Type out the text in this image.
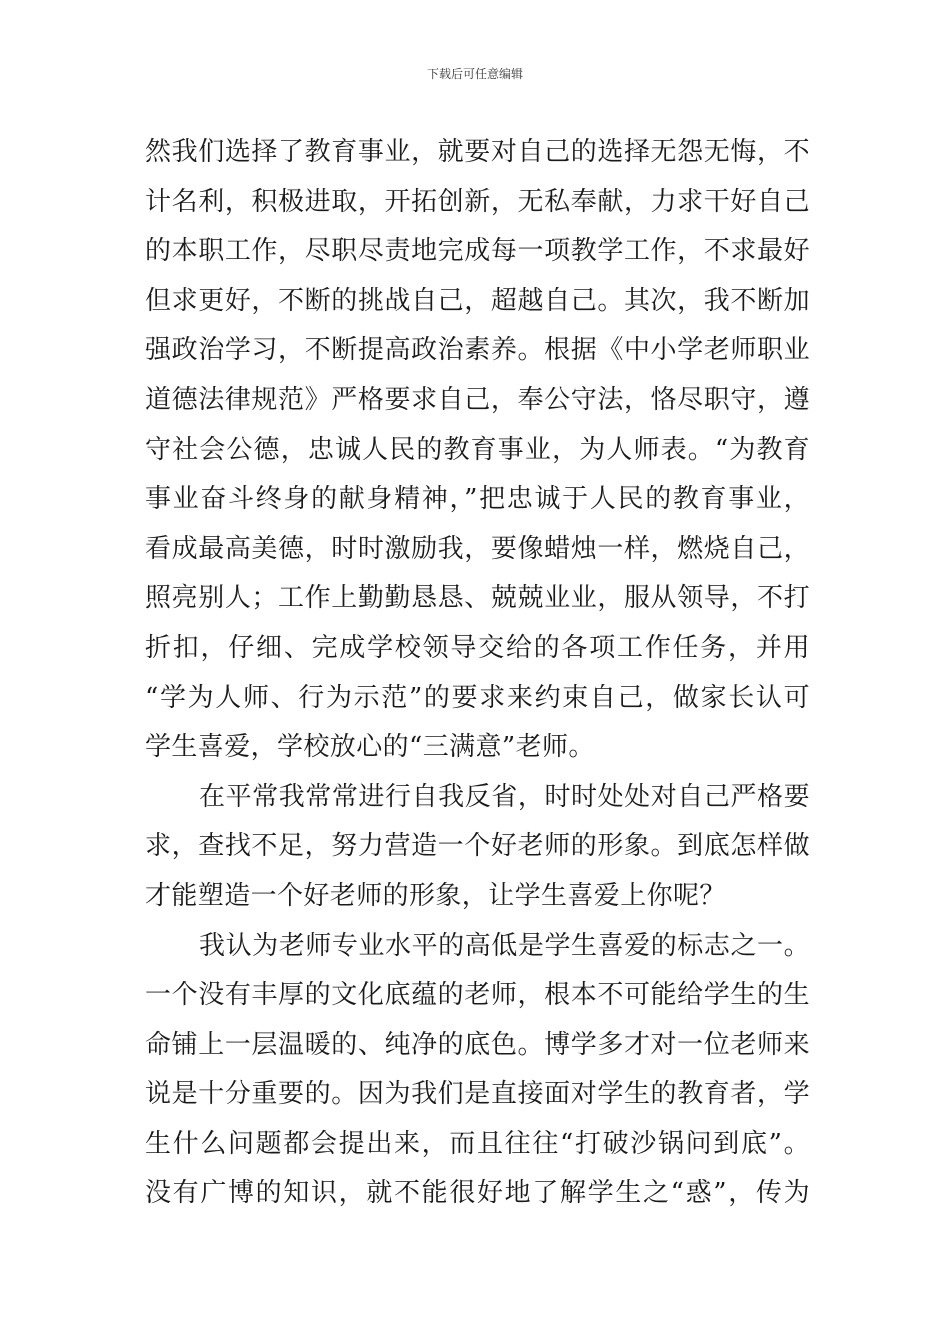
下载后可任意编辑
然我们选择了教育事业，就要对自己的选择无怨无悔，不
计名利，积极进取，开拓创新，无私奉献，力求干好自己
的本职工作，尽职尽责地完成每一项教学工作，不求最好
但求更好，不断的挑战自己，超越自己。其次，我不断加
强政治学习，不断提高政治素养。根据《中小学老师职业
道德法律规范》严格要求自己，奉公守法，恪尽职守，遵
守社会公德，忠诚人民的教育事业，为人师表。“为教育
事业奋斗终身的献身精神，”把忠诚于人民的教育事业，
看成最高美德，时时激励我，要像蜡烛一样，燃烧自己，
照亮别人；工作上勤勤恳恳、兢兢业业，服从领导，不打
折扣，仔细、完成学校领导交给的各项工作任务，并用
“学为人师、行为示范”的要求来约束自己，做家长认可
学生喜爱，学校放心的“三满意”老师。
在平常我常常进行自我反省，时时处处对自己严格要
求，查找不足，努力营造一个好老师的形象。到底怎样做
才能塑造一个好老师的形象，让学生喜爱上你呢？
我认为老师专业水平的高低是学生喜爱的标志之一。
一个没有丰厚的文化底蕴的老师，根本不可能给学生的生
命铺上一层温暖的、纯净的底色。博学多才对一位老师来
说是十分重要的。因为我们是直接面对学生的教育者，学
生什么问题都会提出来，而且往往“打破沙锅问到底”。
没有广博的知识，就不能很好地了解学生之“惑”，传为
